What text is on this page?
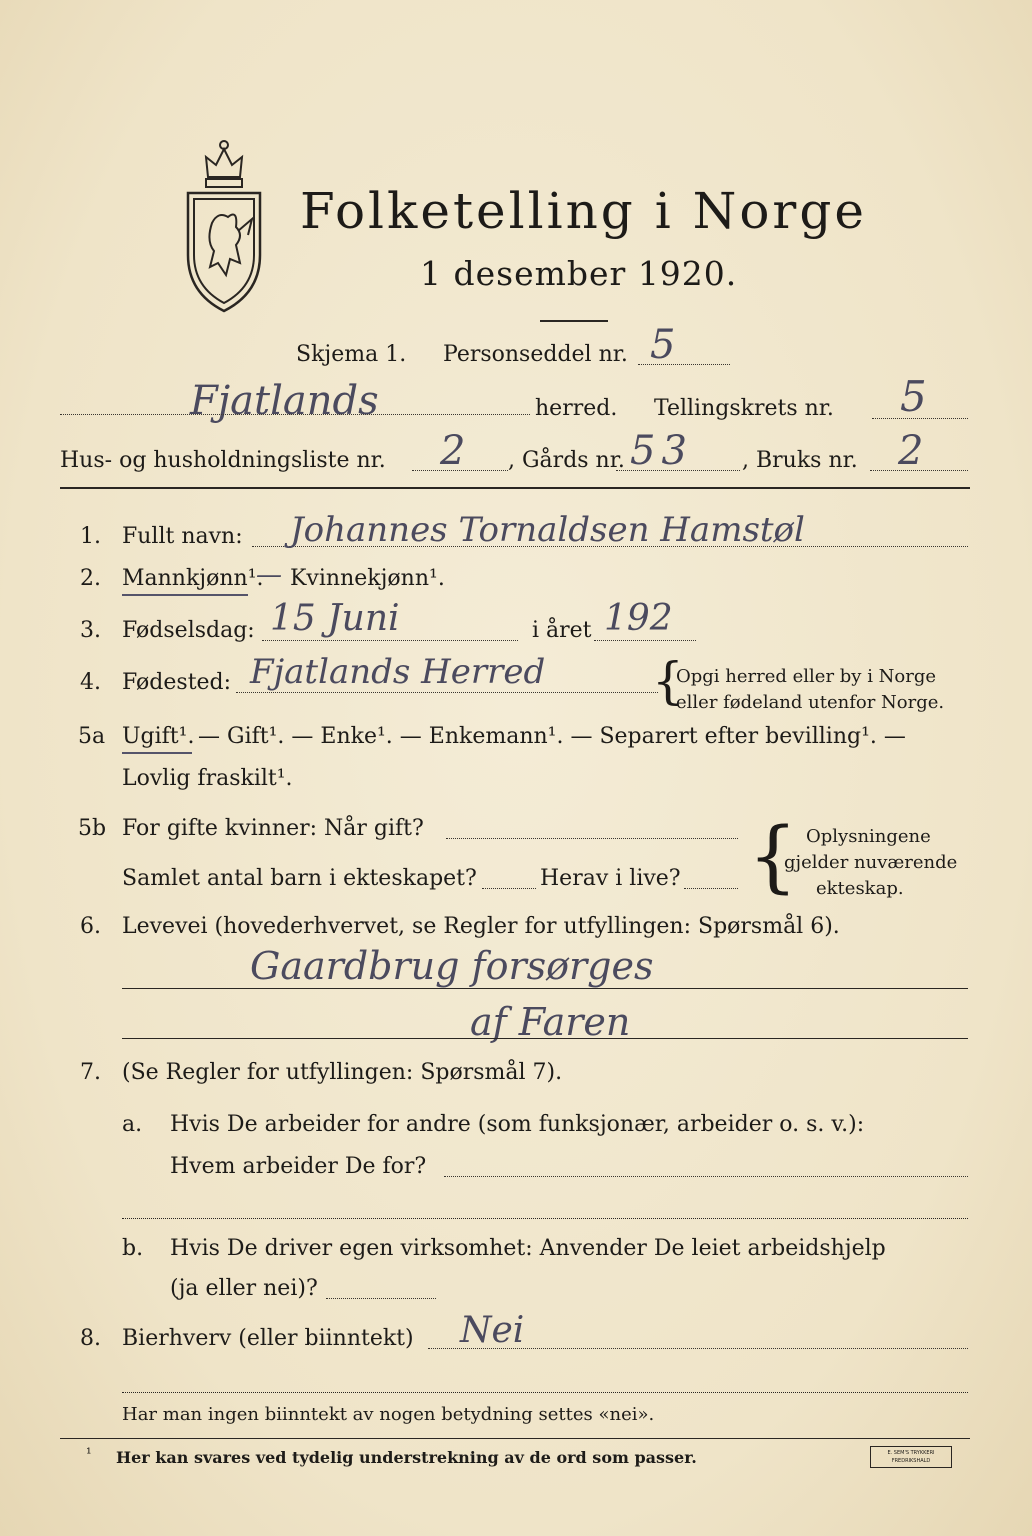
Folketelling i Norge
1 desember 1920.
Skjema 1. Personseddel nr. 5
Fjatlands	herred. Tellingskrets nr. 5
Hus- og husholdningsliste nr. 2 , Gårds nr. 53 , Bruks nr. 2
1. Fullt navn: Johannes Tornaldsen Hamstøl
2. Mannkjønn¹.
— Kvinnekjønn¹.
3. Fødselsdag: 15 Juni	i året 192
4. Fødested: Fjatlands Herred {
Opgi herred eller by i Norge
eller fødeland utenfor Norge.
5a Ugift¹. — Gift¹. — Enke¹. — Enkemann¹. — Separert efter bevilling¹. —
Lovlig fraskilt¹.
5b For gifte kvinner: Når gift?
Samlet antal barn i ekteskapet?	Herav i live? { Oplysningene
gjelder nuværende
ekteskap.
6. Levevei (hovederhvervet, se Regler for utfyllingen: Spørsmål 6).
Gaardbrug forsørges
af Faren
7. (Se Regler for utfyllingen: Spørsmål 7).
a. Hvis De arbeider for andre (som funksjonær, arbeider o. s. v.):
Hvem arbeider De for?
b. Hvis De driver egen virksomhet: Anvender De leiet arbeidshjelp
(ja eller nei)?
8. Bierhverv (eller biinntekt) Nei
Har man ingen biinntekt av nogen betydning settes «nei».
¹ Her kan svares ved tydelig understrekning av de ord som passer.	E. SEM'S TRYKKERI FREDRIKSHALD
